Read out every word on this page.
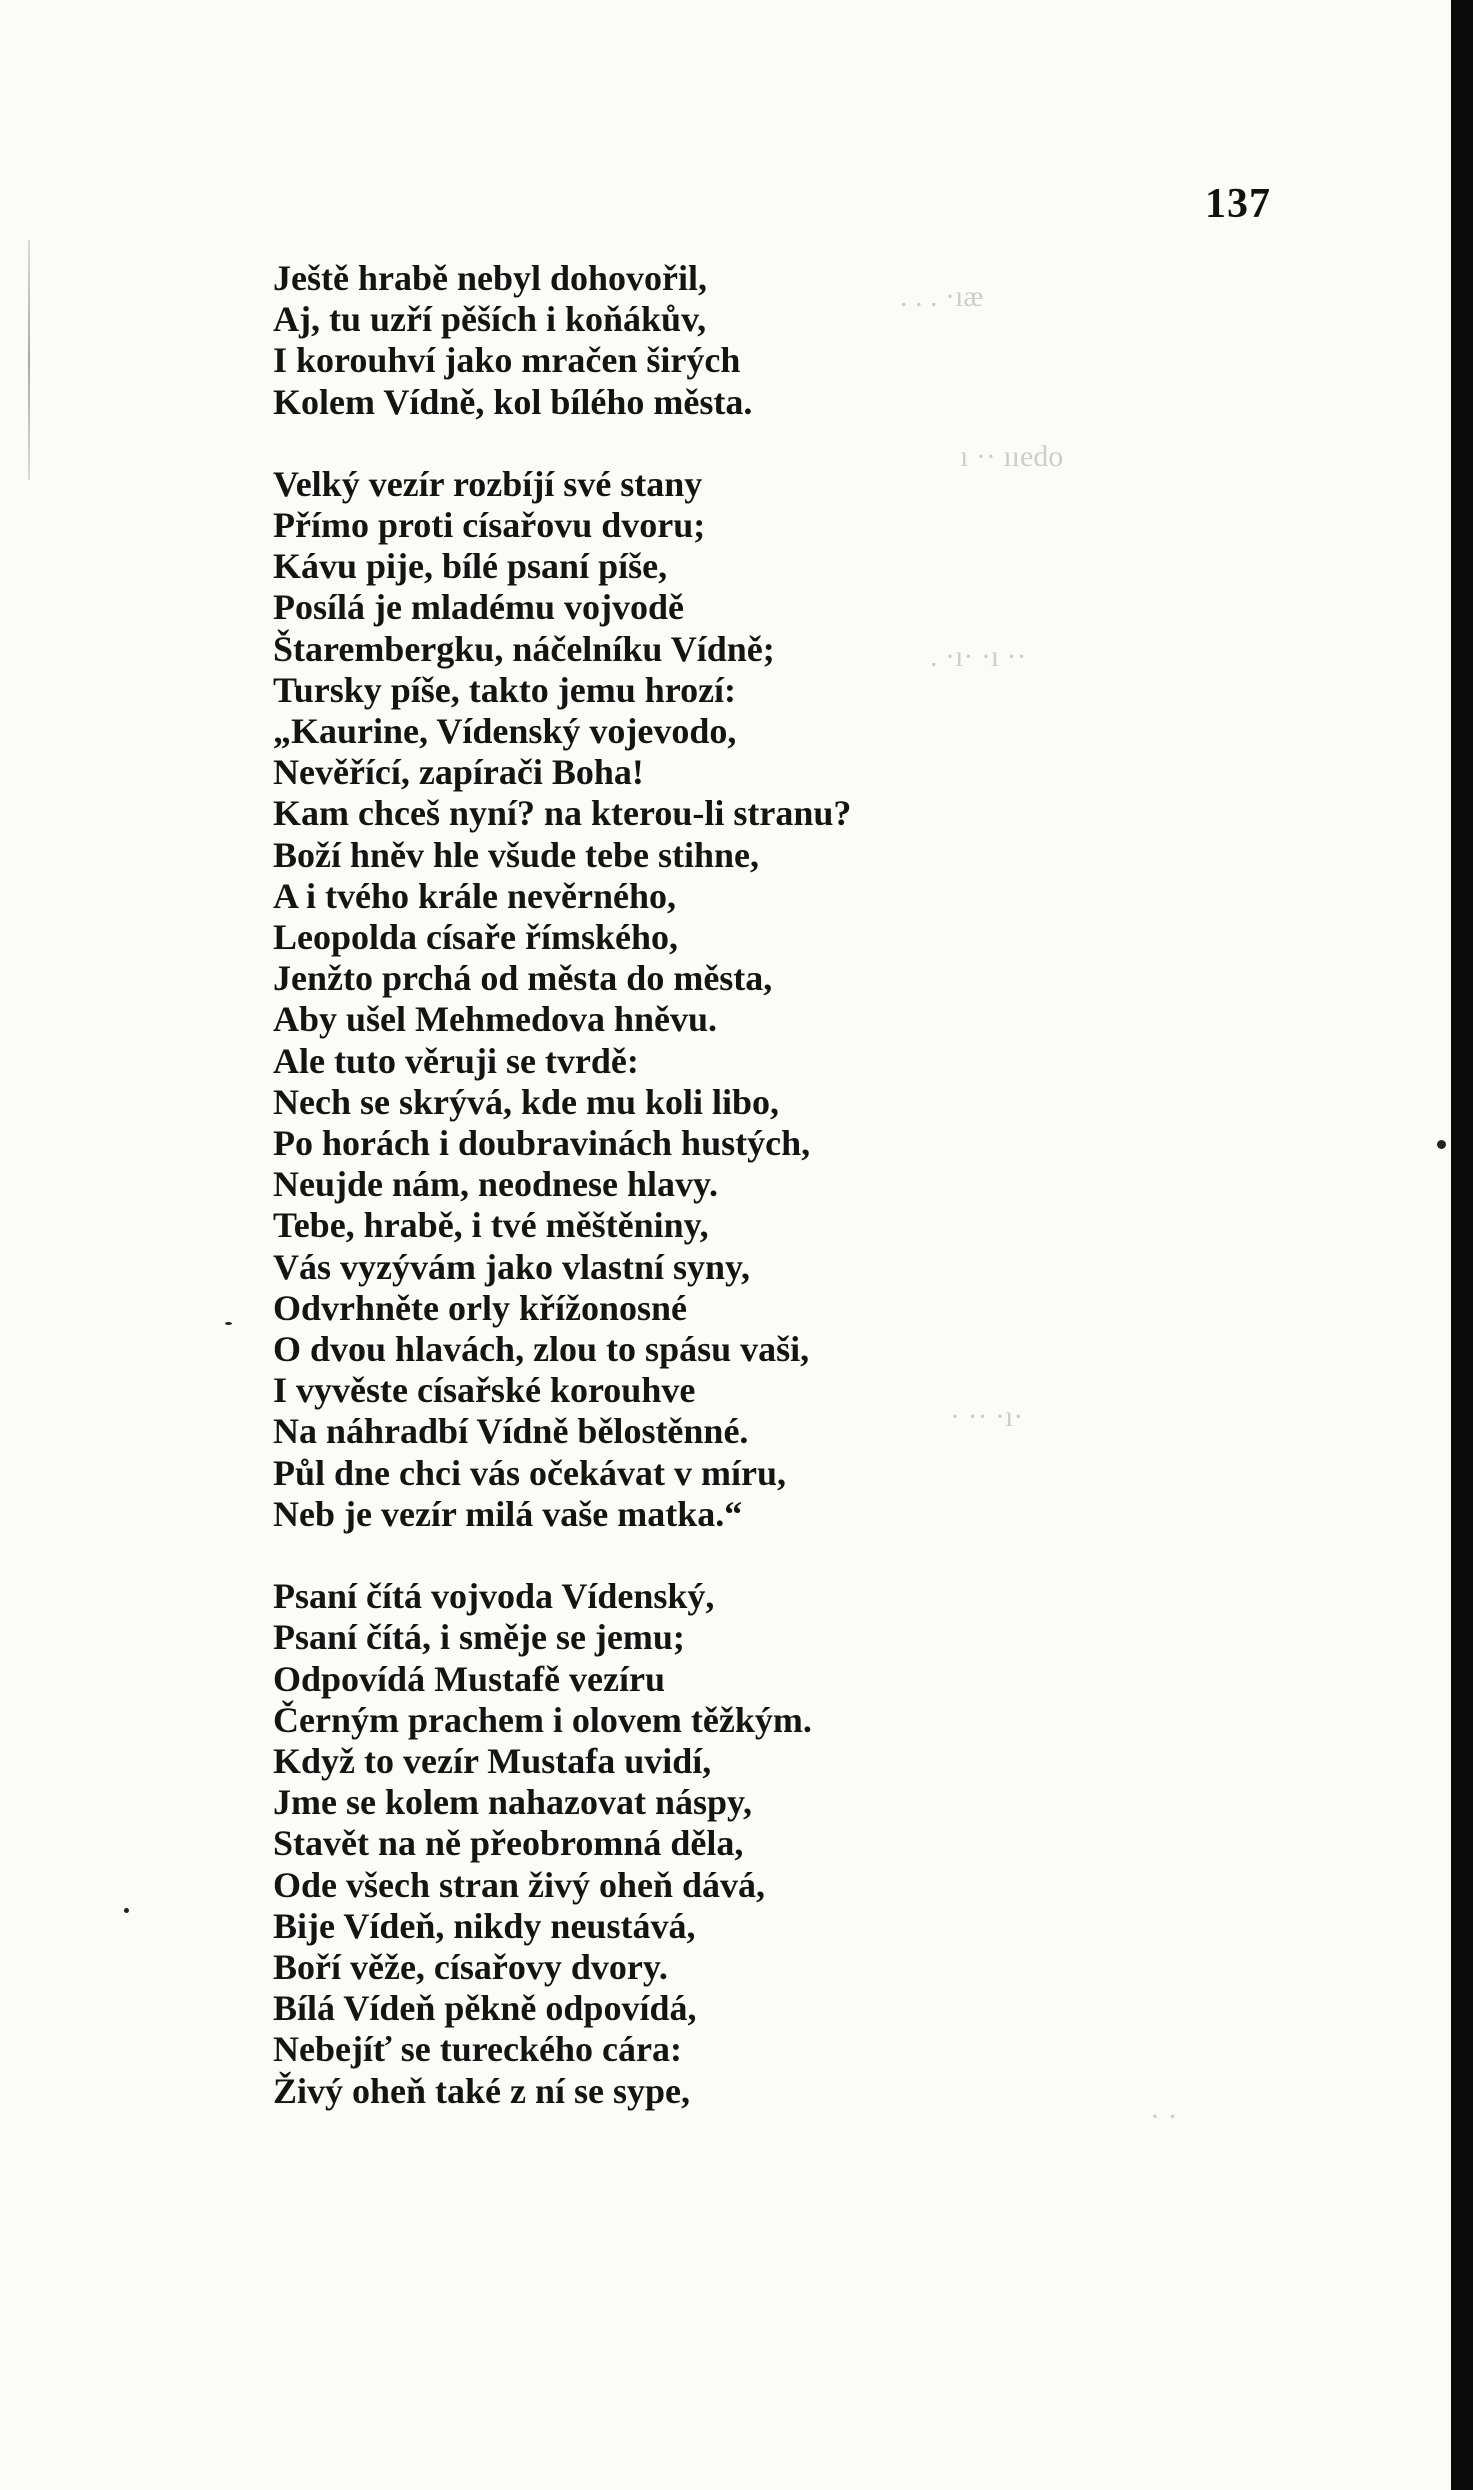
. . . ·ıæ
ı ·· ııedo
. ·ı· ·ı ··
· ·· ·ı·
· ·
137
Ještě hrabě nebyl dohovořil,
Aj, tu uzří pěších i koňákův,
I korouhví jako mračen širých
Kolem Vídně, kol bílého města.
Velký vezír rozbíjí své stany
Přímo proti císařovu dvoru;
Kávu pije, bílé psaní píše,
Posílá je mladému vojvodě
Štarembergku, náčelníku Vídně;
Tursky píše, takto jemu hrozí:
„Kaurine, Vídenský vojevodo,
Nevěřící, zapírači Boha!
Kam chceš nyní? na kterou-li stranu?
Boží hněv hle všude tebe stihne,
A i tvého krále nevěrného,
Leopolda císaře římského,
Jenžto prchá od města do města,
Aby ušel Mehmedova hněvu.
Ale tuto věruji se tvrdě:
Nech se skrývá, kde mu koli libo,
Po horách i doubravinách hustých,
Neujde nám, neodnese hlavy.
Tebe, hrabě, i tvé měštěniny,
Vás vyzývám jako vlastní syny,
Odvrhněte orly křížonosné
O dvou hlavách, zlou to spásu vaši,
I vyvěste císařské korouhve
Na náhradbí Vídně bělostěnné.
Půl dne chci vás očekávat v míru,
Neb je vezír milá vaše matka.“
Psaní čítá vojvoda Vídenský,
Psaní čítá, i směje se jemu;
Odpovídá Mustafě vezíru
Černým prachem i olovem těžkým.
Když to vezír Mustafa uvidí,
Jme se kolem nahazovat náspy,
Stavět na ně přeobromná děla,
Ode všech stran živý oheň dává,
Bije Vídeň, nikdy neustává,
Boří věže, císařovy dvory.
Bílá Vídeň pěkně odpovídá,
Nebejíť se tureckého cára:
Živý oheň také z ní se sype,
